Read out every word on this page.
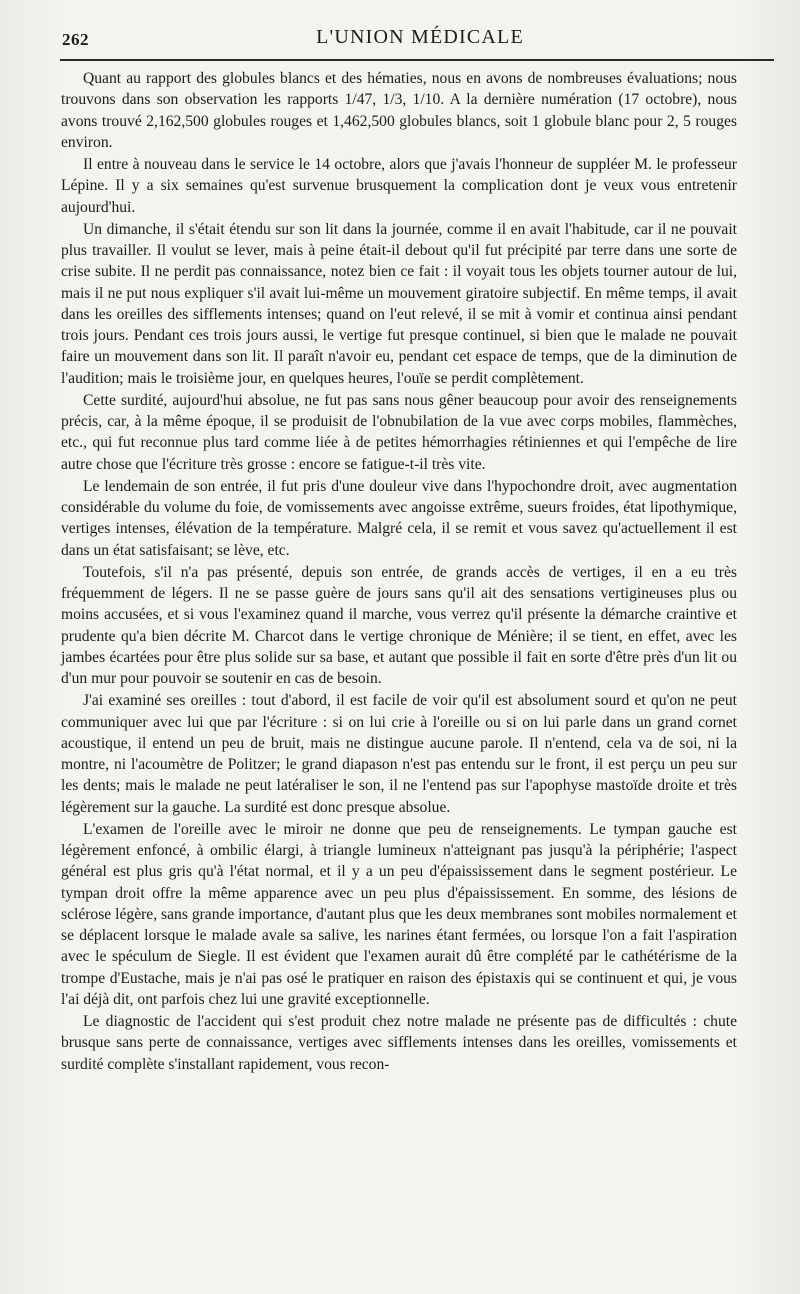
262	L'UNION MÉDICALE

Quant au rapport des globules blancs et des hématies, nous en avons de nombreuses évaluations; nous trouvons dans son observation les rapports 1/47, 1/3, 1/10. A la dernière numération (17 octobre), nous avons trouvé 2,162,500 globules rouges et 1,462,500 globules blancs, soit 1 globule blanc pour 2, 5 rouges environ.

Il entre à nouveau dans le service le 14 octobre, alors que j'avais l'honneur de suppléer M. le professeur Lépine. Il y a six semaines qu'est survenue brusquement la complication dont je veux vous entretenir aujourd'hui.

Un dimanche, il s'était étendu sur son lit dans la journée, comme il en avait l'habitude, car il ne pouvait plus travailler. Il voulut se lever, mais à peine était-il debout qu'il fut précipité par terre dans une sorte de crise subite. Il ne perdit pas connaissance, notez bien ce fait : il voyait tous les objets tourner autour de lui, mais il ne put nous expliquer s'il avait lui-même un mouvement giratoire subjectif. En même temps, il avait dans les oreilles des sifflements intenses; quand on l'eut relevé, il se mit à vomir et continua ainsi pendant trois jours. Pendant ces trois jours aussi, le vertige fut presque continuel, si bien que le malade ne pouvait faire un mouvement dans son lit. Il paraît n'avoir eu, pendant cet espace de temps, que de la diminution de l'audition; mais le troisième jour, en quelques heures, l'ouïe se perdit complètement.

Cette surdité, aujourd'hui absolue, ne fut pas sans nous gêner beaucoup pour avoir des renseignements précis, car, à la même époque, il se produisit de l'obnubilation de la vue avec corps mobiles, flammèches, etc., qui fut reconnue plus tard comme liée à de petites hémorrhagies rétiniennes et qui l'empêche de lire autre chose que l'écriture très grosse : encore se fatigue-t-il très vite.

Le lendemain de son entrée, il fut pris d'une douleur vive dans l'hypochondre droit, avec augmentation considérable du volume du foie, de vomissements avec angoisse extrême, sueurs froides, état lipothymique, vertiges intenses, élévation de la température. Malgré cela, il se remit et vous savez qu'actuellement il est dans un état satisfaisant; se lève, etc.

Toutefois, s'il n'a pas présenté, depuis son entrée, de grands accès de vertiges, il en a eu très fréquemment de légers. Il ne se passe guère de jours sans qu'il ait des sensations vertigineuses plus ou moins accusées, et si vous l'examinez quand il marche, vous verrez qu'il présente la démarche craintive et prudente qu'a bien décrite M. Charcot dans le vertige chronique de Ménière; il se tient, en effet, avec les jambes écartées pour être plus solide sur sa base, et autant que possible il fait en sorte d'être près d'un lit ou d'un mur pour pouvoir se soutenir en cas de besoin.

J'ai examiné ses oreilles : tout d'abord, il est facile de voir qu'il est absolument sourd et qu'on ne peut communiquer avec lui que par l'écriture : si on lui crie à l'oreille ou si on lui parle dans un grand cornet acoustique, il entend un peu de bruit, mais ne distingue aucune parole. Il n'entend, cela va de soi, ni la montre, ni l'acoumètre de Politzer; le grand diapason n'est pas entendu sur le front, il est perçu un peu sur les dents; mais le malade ne peut latéraliser le son, il ne l'entend pas sur l'apophyse mastoïde droite et très légèrement sur la gauche. La surdité est donc presque absolue.

L'examen de l'oreille avec le miroir ne donne que peu de renseignements. Le tympan gauche est légèrement enfoncé, à ombilic élargi, à triangle lumineux n'atteignant pas jusqu'à la périphérie; l'aspect général est plus gris qu'à l'état normal, et il y a un peu d'épaississement dans le segment postérieur. Le tympan droit offre la même apparence avec un peu plus d'épaississement. En somme, des lésions de sclérose légère, sans grande importance, d'autant plus que les deux membranes sont mobiles normalement et se déplacent lorsque le malade avale sa salive, les narines étant fermées, ou lorsque l'on a fait l'aspiration avec le spéculum de Siegle. Il est évident que l'examen aurait dû être complété par le cathétérisme de la trompe d'Eustache, mais je n'ai pas osé le pratiquer en raison des épistaxis qui se continuent et qui, je vous l'ai déjà dit, ont parfois chez lui une gravité exceptionnelle.

Le diagnostic de l'accident qui s'est produit chez notre malade ne présente pas de difficultés : chute brusque sans perte de connaissance, vertiges avec sifflements intenses dans les oreilles, vomissements et surdité complète s'installant rapidement, vous recon-
